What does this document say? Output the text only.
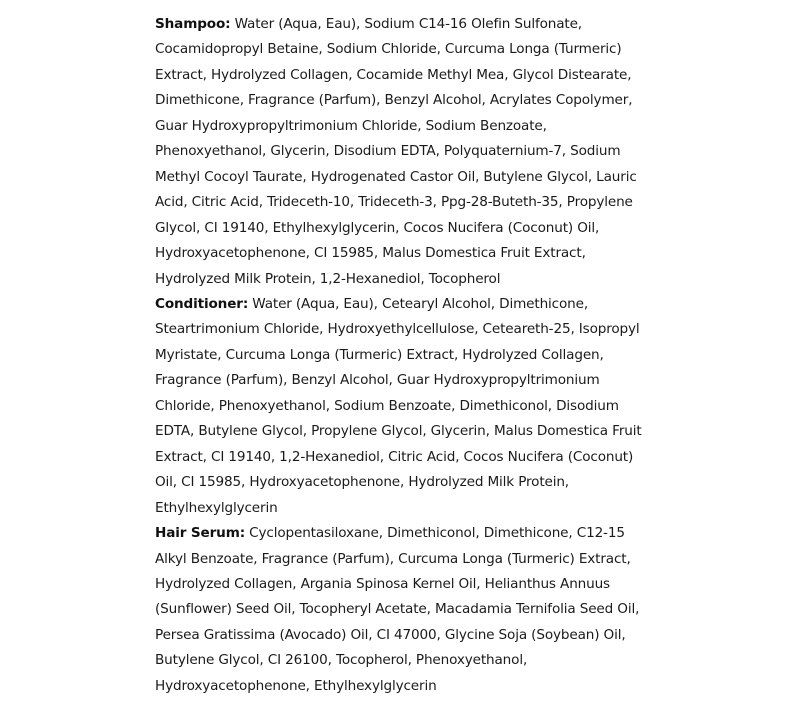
Shampoo: Water (Aqua, Eau), Sodium C14-16 Olefin Sulfonate, Cocamidopropyl Betaine, Sodium Chloride, Curcuma Longa (Turmeric) Extract, Hydrolyzed Collagen, Cocamide Methyl Mea, Glycol Distearate, Dimethicone, Fragrance (Parfum), Benzyl Alcohol, Acrylates Copolymer, Guar Hydroxypropyltrimonium Chloride, Sodium Benzoate, Phenoxyethanol, Glycerin, Disodium EDTA, Polyquaternium-7, Sodium Methyl Cocoyl Taurate, Hydrogenated Castor Oil, Butylene Glycol, Lauric Acid, Citric Acid, Trideceth-10, Trideceth-3, Ppg-28-Buteth-35, Propylene Glycol, CI 19140, Ethylhexylglycerin, Cocos Nucifera (Coconut) Oil, Hydroxyacetophenone, CI 15985, Malus Domestica Fruit Extract, Hydrolyzed Milk Protein, 1,2-Hexanediol, Tocopherol

Conditioner: Water (Aqua, Eau), Cetearyl Alcohol, Dimethicone, Steartrimonium Chloride, Hydroxyethylcellulose, Ceteareth-25, Isopropyl Myristate, Curcuma Longa (Turmeric) Extract, Hydrolyzed Collagen, Fragrance (Parfum), Benzyl Alcohol, Guar Hydroxypropyltrimonium Chloride, Phenoxyethanol, Sodium Benzoate, Dimethiconol, Disodium EDTA, Butylene Glycol, Propylene Glycol, Glycerin, Malus Domestica Fruit Extract, CI 19140, 1,2-Hexanediol, Citric Acid, Cocos Nucifera (Coconut) Oil, CI 15985, Hydroxyacetophenone, Hydrolyzed Milk Protein, Ethylhexylglycerin

Hair Serum: Cyclopentasiloxane, Dimethiconol, Dimethicone, C12-15 Alkyl Benzoate, Fragrance (Parfum), Curcuma Longa (Turmeric) Extract, Hydrolyzed Collagen, Argania Spinosa Kernel Oil, Helianthus Annuus (Sunflower) Seed Oil, Tocopheryl Acetate, Macadamia Ternifolia Seed Oil, Persea Gratissima (Avocado) Oil, CI 47000, Glycine Soja (Soybean) Oil, Butylene Glycol, CI 26100, Tocopherol, Phenoxyethanol, Hydroxyacetophenone, Ethylhexylglycerin
